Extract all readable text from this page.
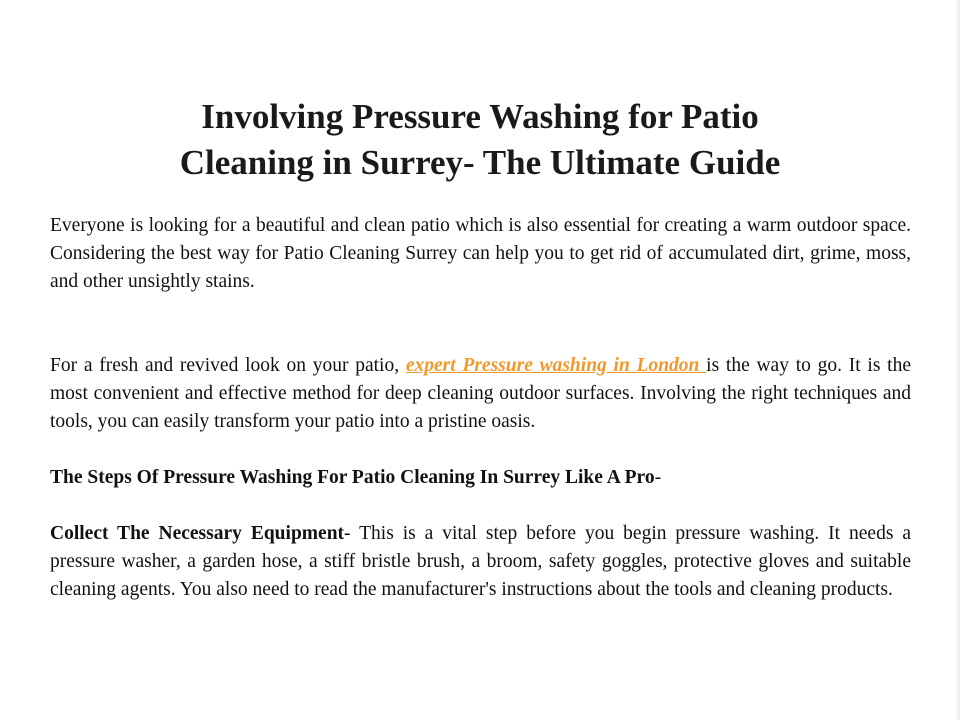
Involving Pressure Washing for Patio
Cleaning in Surrey- The Ultimate Guide

Everyone is looking for a beautiful and clean patio which is also essential for creating a warm outdoor space. Considering the best way for Patio Cleaning Surrey can help you to get rid of accumulated dirt, grime, moss, and other unsightly stains.

For a fresh and revived look on your patio, expert Pressure washing in London is the way to go. It is the most convenient and effective method for deep cleaning outdoor surfaces. Involving the right techniques and tools, you can easily transform your patio into a pristine oasis.

The Steps Of Pressure Washing For Patio Cleaning In Surrey Like A Pro-

Collect The Necessary Equipment- This is a vital step before you begin pressure washing. It needs a pressure washer, a garden hose, a stiff bristle brush, a broom, safety goggles, protective gloves and suitable cleaning agents. You also need to read the manufacturer's instructions about the tools and cleaning products.
